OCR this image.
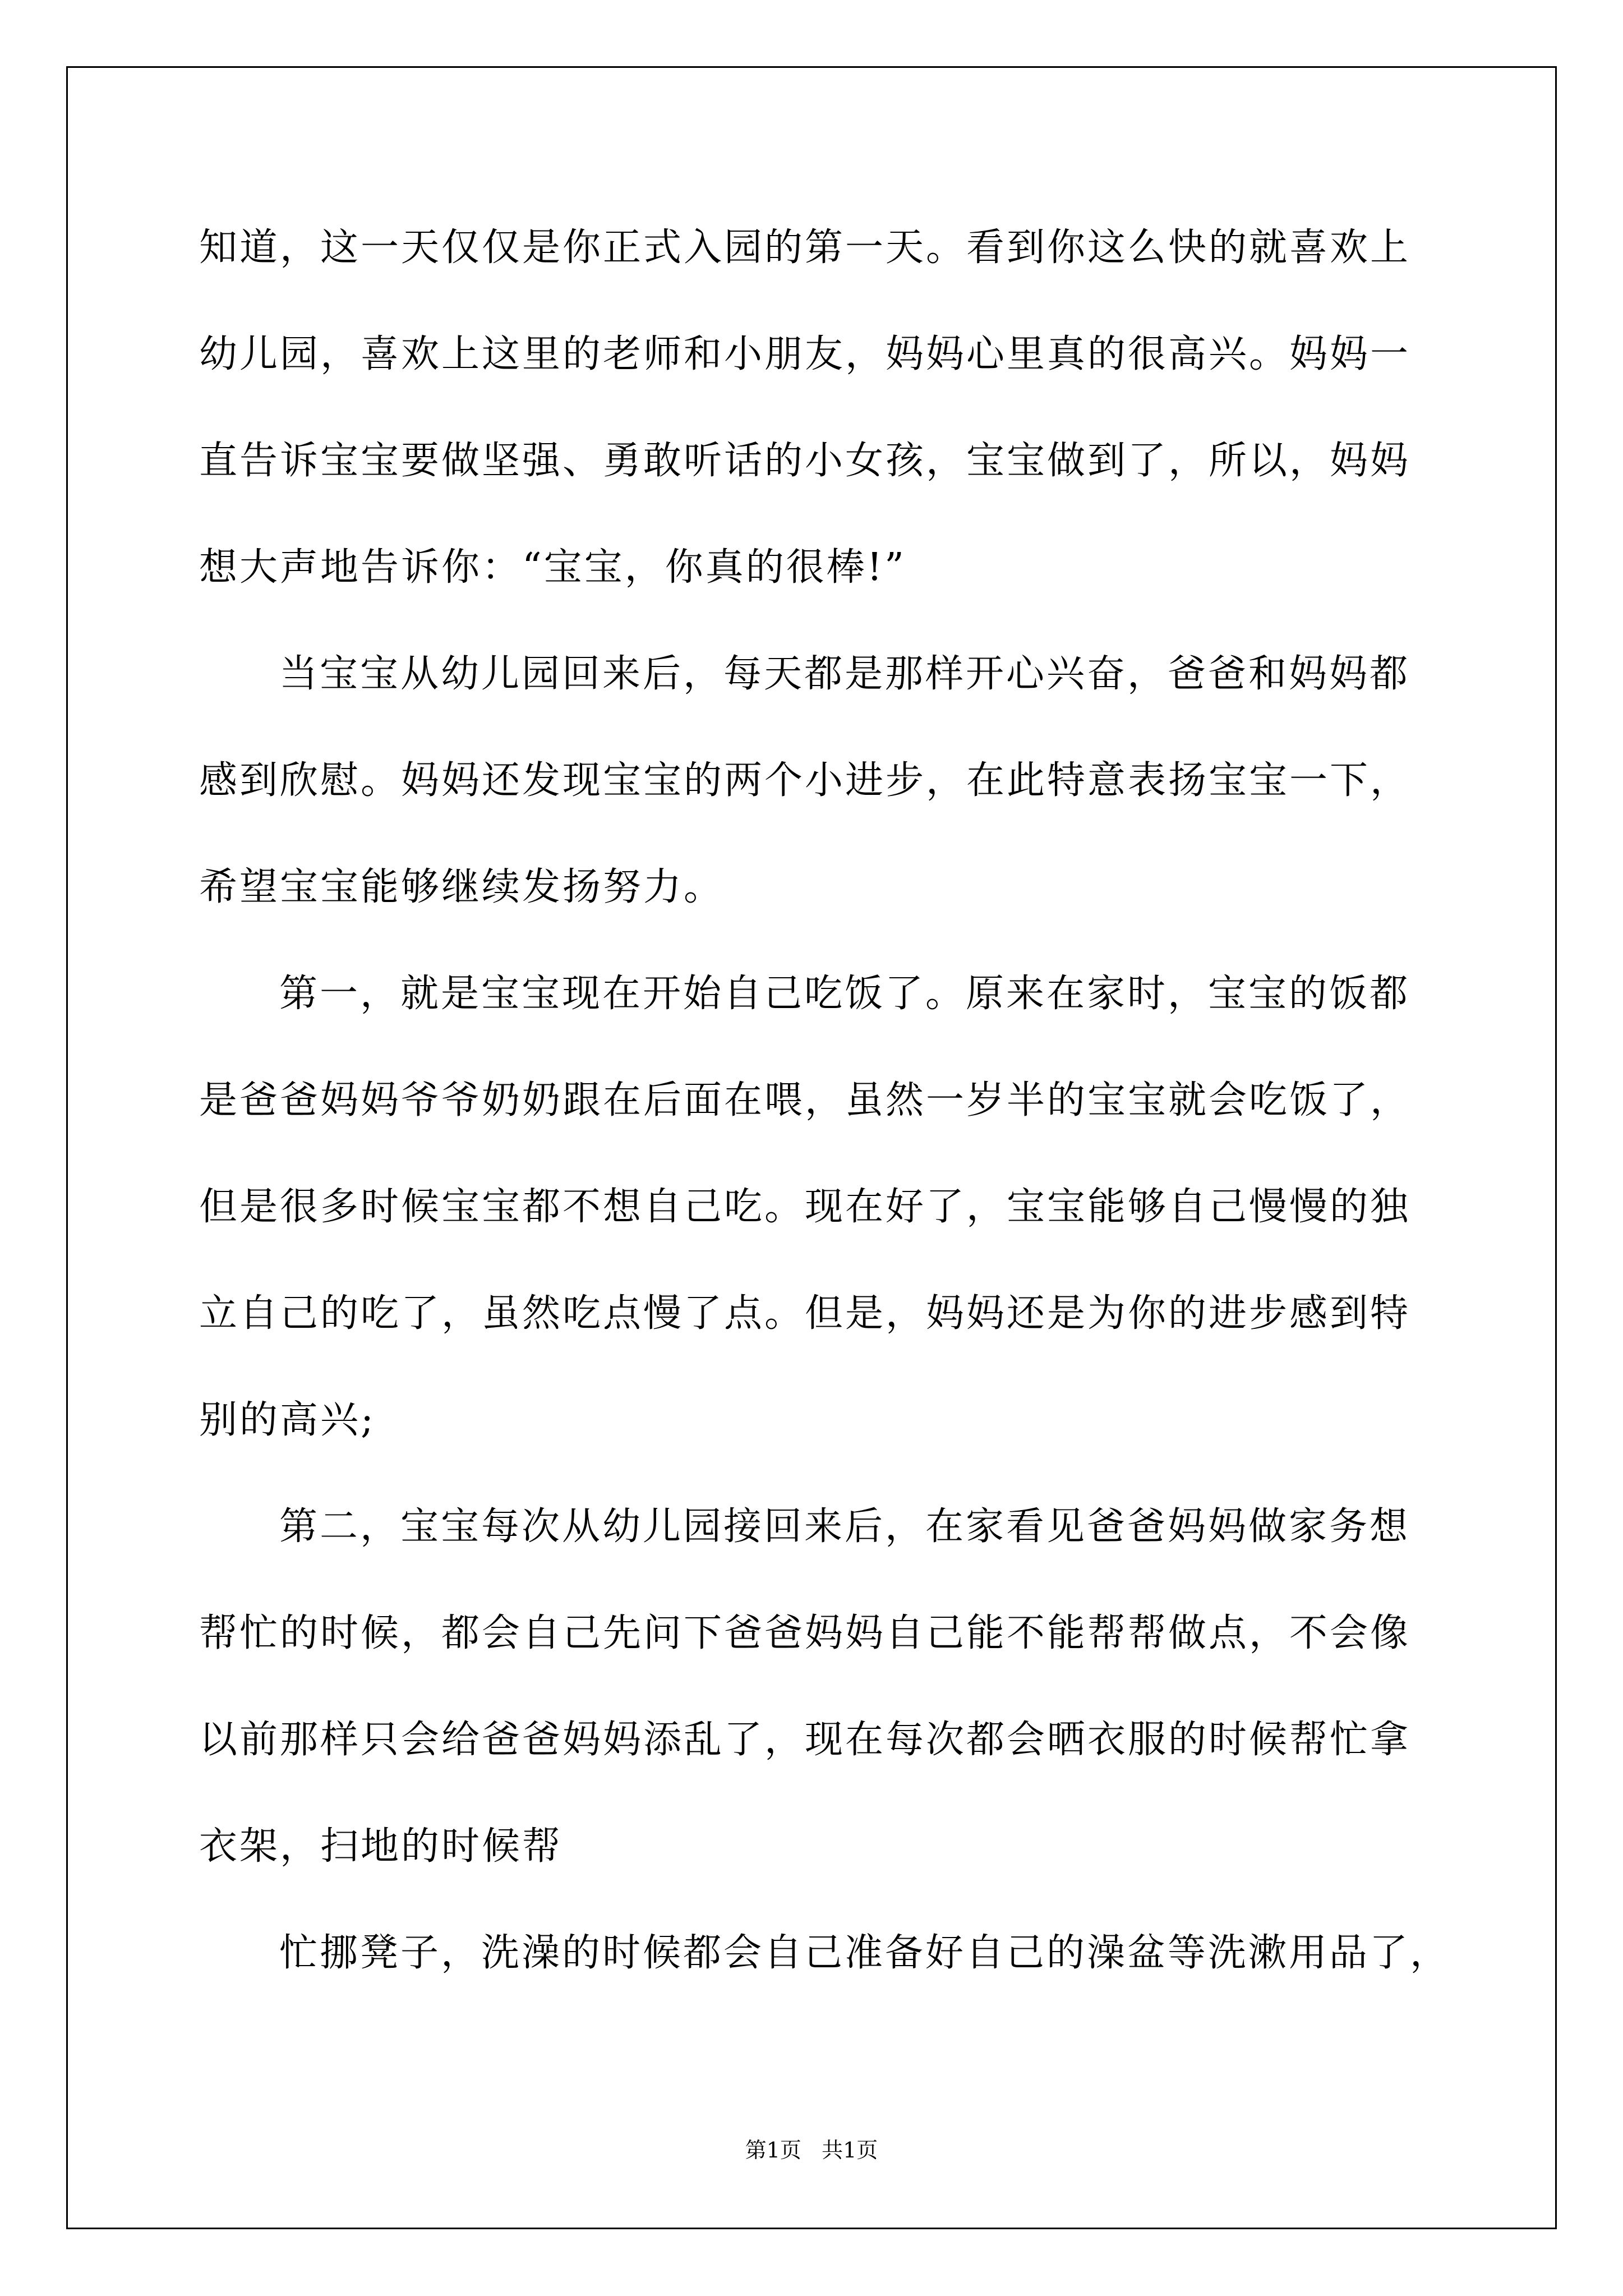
知道，这一天仅仅是你正式入园的第一天。看到你这么快的就喜欢上
幼儿园，喜欢上这里的老师和小朋友，妈妈心里真的很高兴。妈妈一
直告诉宝宝要做坚强、勇敢听话的小女孩，宝宝做到了，所以，妈妈
想大声地告诉你：“宝宝，你真的很棒!”
当宝宝从幼儿园回来后，每天都是那样开心兴奋，爸爸和妈妈都
感到欣慰。妈妈还发现宝宝的两个小进步，在此特意表扬宝宝一下，
希望宝宝能够继续发扬努力。
第一，就是宝宝现在开始自己吃饭了。原来在家时，宝宝的饭都
是爸爸妈妈爷爷奶奶跟在后面在喂，虽然一岁半的宝宝就会吃饭了，
但是很多时候宝宝都不想自己吃。现在好了，宝宝能够自己慢慢的独
立自己的吃了，虽然吃点慢了点。但是，妈妈还是为你的进步感到特
别的高兴;
第二，宝宝每次从幼儿园接回来后，在家看见爸爸妈妈做家务想
帮忙的时候，都会自己先问下爸爸妈妈自己能不能帮帮做点，不会像
以前那样只会给爸爸妈妈添乱了，现在每次都会晒衣服的时候帮忙拿
衣架，扫地的时候帮
忙挪凳子，洗澡的时候都会自己准备好自己的澡盆等洗漱用品了，
第1页   共1页
